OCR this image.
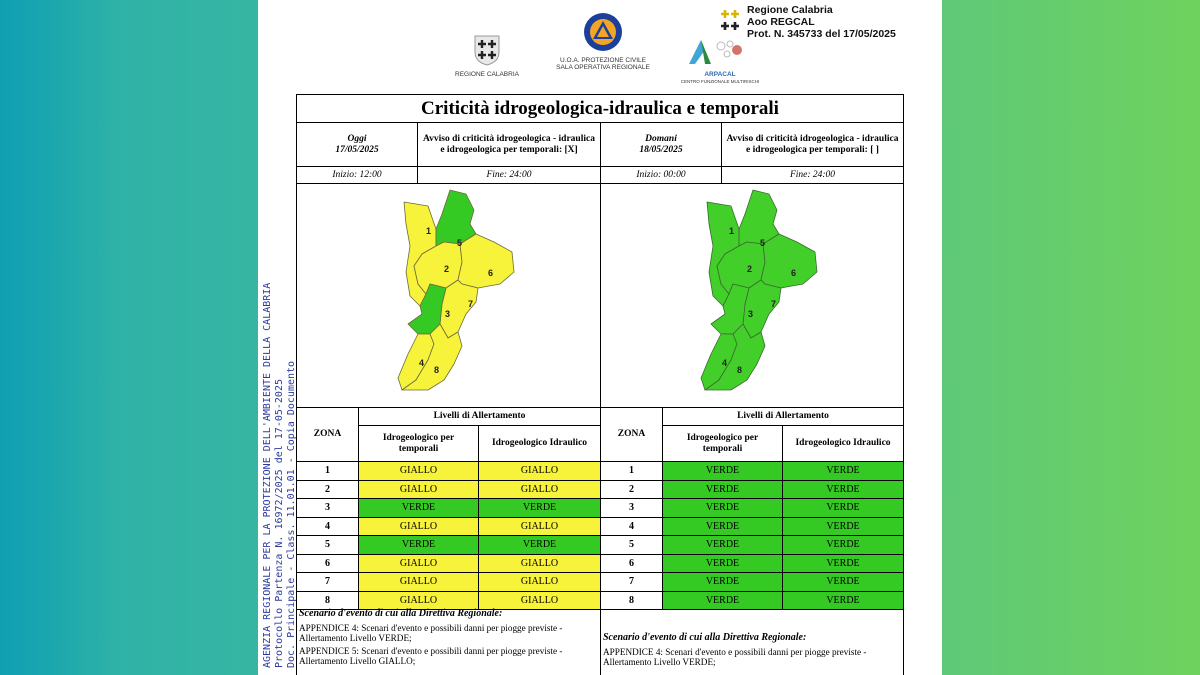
AGENZIA REGIONALE PER LA PROTEZIONE DELL'AMBIENTE DELLA CALABRIA Protocollo Partenza N. 16972/2025 del 17-05-2025 Doc. Principale - Class. 11.01.01 - Copia Documento
REGIONE CALABRIA
U.O.A. PROTEZIONE CIVILE
SALA OPERATIVA REGIONALE
ARPACAL
CENTRO FUNZIONALE MULTIRISCHI
Regione Calabria
Aoo REGCAL
Prot. N. 345733 del 17/05/2025
Criticità idrogeologica-idraulica e temporali
Oggi
17/05/2025
Avviso di criticità idrogeologica - idraulica e idrogeologica per temporali: [X]
Inizio: 12:00	Fine: 24:00
Domani
18/05/2025
Avviso di criticità idrogeologica - idraulica e idrogeologica per temporali: [ ]
Inizio: 00:00	Fine: 24:00
1
5
2	6
7
3
4
8
1
5
2	6
7
3
4
8
ZONA
Livelli di Allertamento
Idrogeologico per temporali
Idrogeologico Idraulico
ZONA
Livelli di Allertamento
Idrogeologico per temporali
Idrogeologico Idraulico
1	GIALLO	GIALLO
2	GIALLO	GIALLO
3	VERDE	VERDE
4	GIALLO	GIALLO
5	VERDE	VERDE
6	GIALLO	GIALLO
7	GIALLO	GIALLO
8	GIALLO	GIALLO
1	VERDE	VERDE
2	VERDE	VERDE
3	VERDE	VERDE
4	VERDE	VERDE
5	VERDE	VERDE
6	VERDE	VERDE
7	VERDE	VERDE
8	VERDE	VERDE
Scenario d'evento di cui alla Direttiva Regionale:
APPENDICE 4: Scenari d'evento e possibili danni per piogge previste - Allertamento Livello VERDE;
APPENDICE 5: Scenari d'evento e possibili danni per piogge previste - Allertamento Livello GIALLO;
Scenario d'evento di cui alla Direttiva Regionale:
APPENDICE 4: Scenari d'evento e possibili danni per piogge previste - Allertamento Livello VERDE;
